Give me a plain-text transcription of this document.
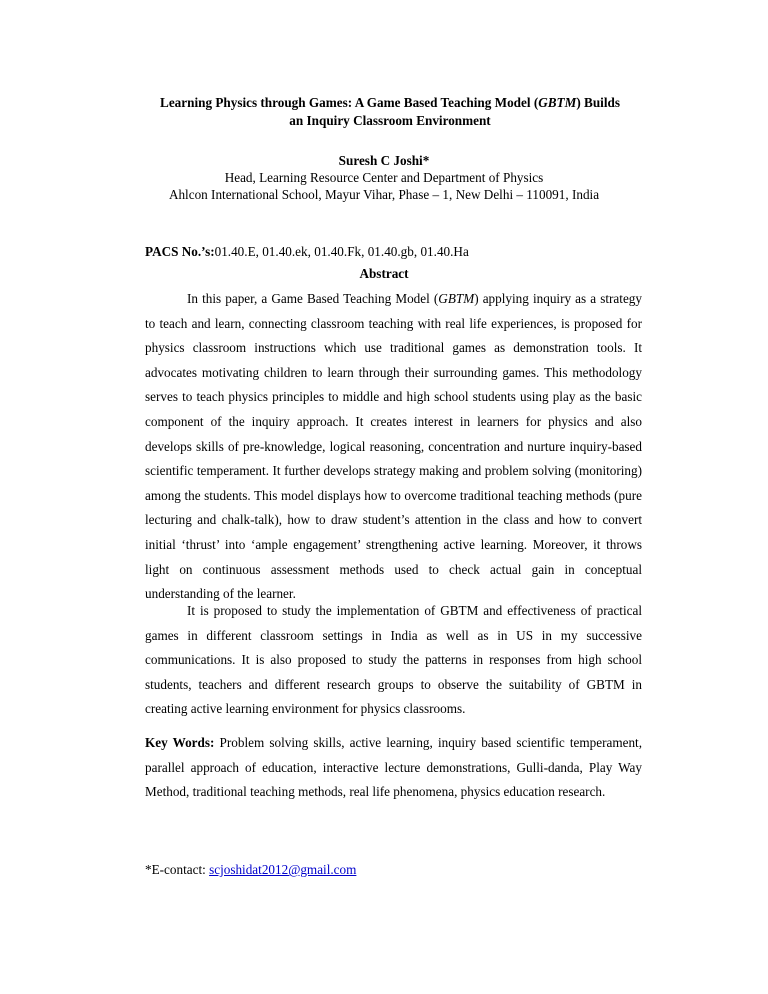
Learning Physics through Games: A Game Based Teaching Model (GBTM) Builds
an Inquiry Classroom Environment
Suresh C Joshi*
Head, Learning Resource Center and Department of Physics
Ahlcon International School, Mayur Vihar, Phase – 1, New Delhi – 110091, India
PACS No.’s:01.40.E, 01.40.ek, 01.40.Fk, 01.40.gb, 01.40.Ha
Abstract

In this paper, a Game Based Teaching Model (GBTM) applying inquiry as a strategy to teach and learn, connecting classroom teaching with real life experiences, is proposed for physics classroom instructions which use traditional games as demonstration tools. It advocates motivating children to learn through their surrounding games. This methodology serves to teach physics principles to middle and high school students using play as the basic component of the inquiry approach. It creates interest in learners for physics and also develops skills of pre-knowledge, logical reasoning, concentration and nurture inquiry-based scientific temperament. It further develops strategy making and problem solving (monitoring) among the students. This model displays how to overcome traditional teaching methods (pure lecturing and chalk-talk), how to draw student’s attention in the class and how to convert initial ‘thrust’ into ‘ample engagement’ strengthening active learning. Moreover, it throws light on continuous assessment methods used to check actual gain in conceptual understanding of the learner.

It is proposed to study the implementation of GBTM and effectiveness of practical games in different classroom settings in India as well as in US in my successive communications. It is also proposed to study the patterns in responses from high school students, teachers and different research groups to observe the suitability of GBTM in creating active learning environment for physics classrooms.

Key Words: Problem solving skills, active learning, inquiry based scientific temperament, parallel approach of education, interactive lecture demonstrations, Gulli-danda, Play Way Method, traditional teaching methods, real life phenomena, physics education research.

*E-contact: scjoshidat2012@gmail.com
